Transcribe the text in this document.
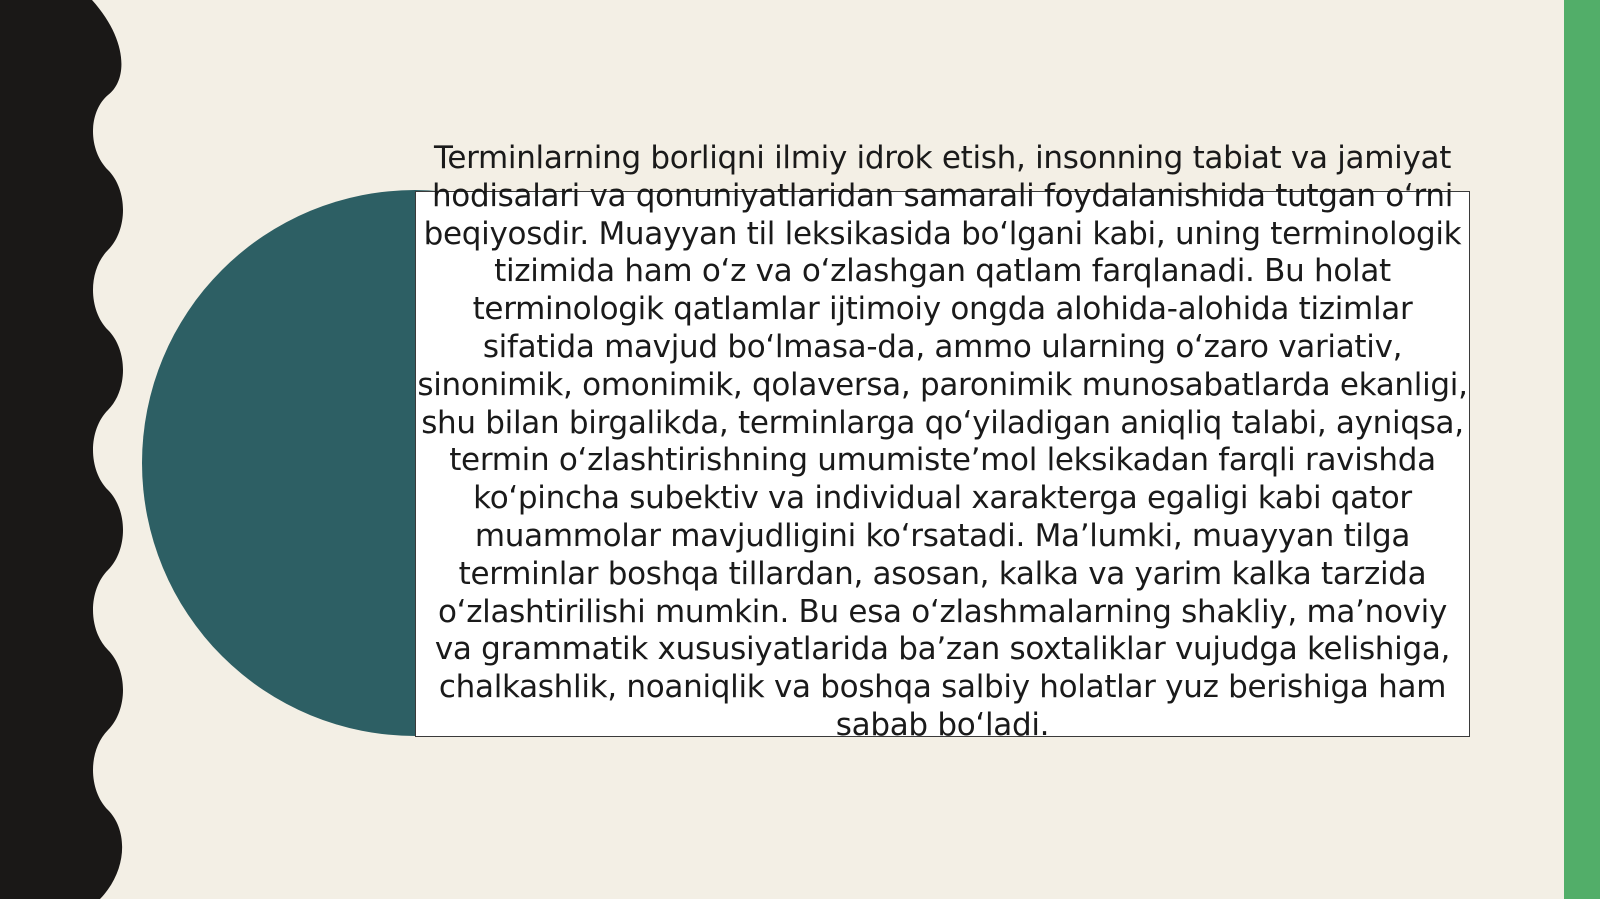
Terminlarning borliqni ilmiy idrok etish, insonning tabiat va jamiyat hodisalari va qonuniyatlaridan samarali foydalanishida tutgan oʻrni beqiyosdir. Muayyan til leksikasida boʻlgani kabi, uning terminologik tizimida ham oʻz va oʻzlashgan qatlam farqlanadi. Bu holat terminologik qatlamlar ijtimoiy ongda alohida-alohida tizimlar sifatida mavjud boʻlmasa-da, ammo ularning oʻzaro variativ, sinonimik, omonimik, qolaversa, paronimik munosabatlarda ekanligi, shu bilan birgalikda, terminlarga qoʻyiladigan aniqliq talabi, ayniqsa, termin oʻzlashtirishning umumisteʼmol leksikadan farqli ravishda koʻpincha subektiv va individual xarakterga egaligi kabi qator muammolar mavjudligini koʻrsatadi. Maʼlumki, muayyan tilga terminlar boshqa tillardan, asosan, kalka va yarim kalka tarzida oʻzlashtirilishi mumkin. Bu esa oʻzlashmalarning shakliy, maʼnoviy va grammatik xususiyatlarida baʼzan soxtaliklar vujudga kelishiga, chalkashlik, noaniqlik va boshqa salbiy holatlar yuz berishiga ham sabab boʻladi.
